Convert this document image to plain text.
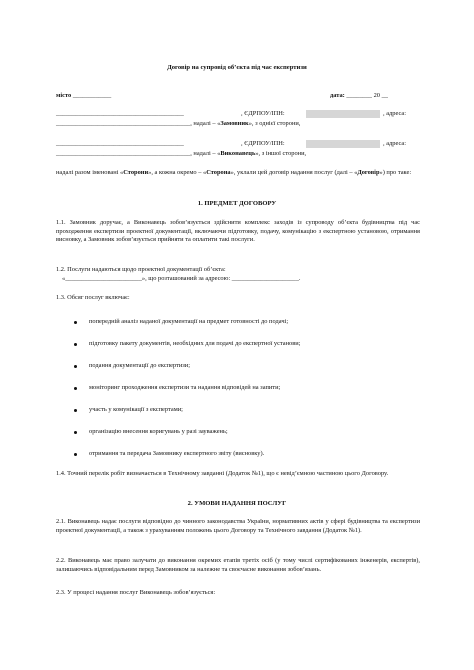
Договір на супровід об’єкта під час експертизи
місто ____________	дата: ________ 20 __
________________________________________	, ЄДРПОУ/ІПН:	, адреса:
__________________________________________, надалі – «Замовник», з однієї сторони,
________________________________________	, ЄДРПОУ/ІПН:	, адреса:
__________________________________________, надалі – «Виконавець», з іншої сторони,
надалі разом іменовані «Сторони», а кожна окремо – «Сторона», уклали цей договір надання послуг (далі – «Договір») про таке:
1. ПРЕДМЕТ ДОГОВОРУ
1.1. Замовник доручає, а Виконавець зобов’язується здійснити комплекс заходів із супроводу об’єкта будівництва під час проходження експертизи проектної документації, включаючи підготовку, подачу, комунікацію з експертною установою, отримання висновку, а Замовник зобов’язується прийняти та оплатити такі послуги.
1.2. Послуги надаються щодо проектної документації об’єкта:
«________________________», що розташований за адресою: _____________________.
1.3. Обсяг послуг включає:
попередній аналіз наданої документації на предмет готовності до подачі;
підготовку пакету документів, необхідних для подачі до експертної установи;
подання документації до експертизи;
моніторинг проходження експертизи та надання відповідей на запити;
участь у комунікації з експертами;
організацію внесення коригувань у разі зауважень;
отримання та передача Замовнику експертного звіту (висновку).
1.4. Точний перелік робіт визначається в Технічному завданні (Додаток №1), що є невід’ємною частиною цього Договору.
2. УМОВИ НАДАННЯ ПОСЛУГ
2.1. Виконавець надає послуги відповідно до чинного законодавства України, нормативних актів у сфері будівництва та експертизи проектної документації, а також з урахуванням положень цього Договору та Технічного завдання (Додаток №1).
2.2. Виконавець має право залучати до виконання окремих етапів третіх осіб (у тому числі сертифікованих інженерів, експертів), залишаючись відповідальним перед Замовником за належне та своєчасне виконання зобов’язань.
2.3. У процесі надання послуг Виконавець зобов’язується:
